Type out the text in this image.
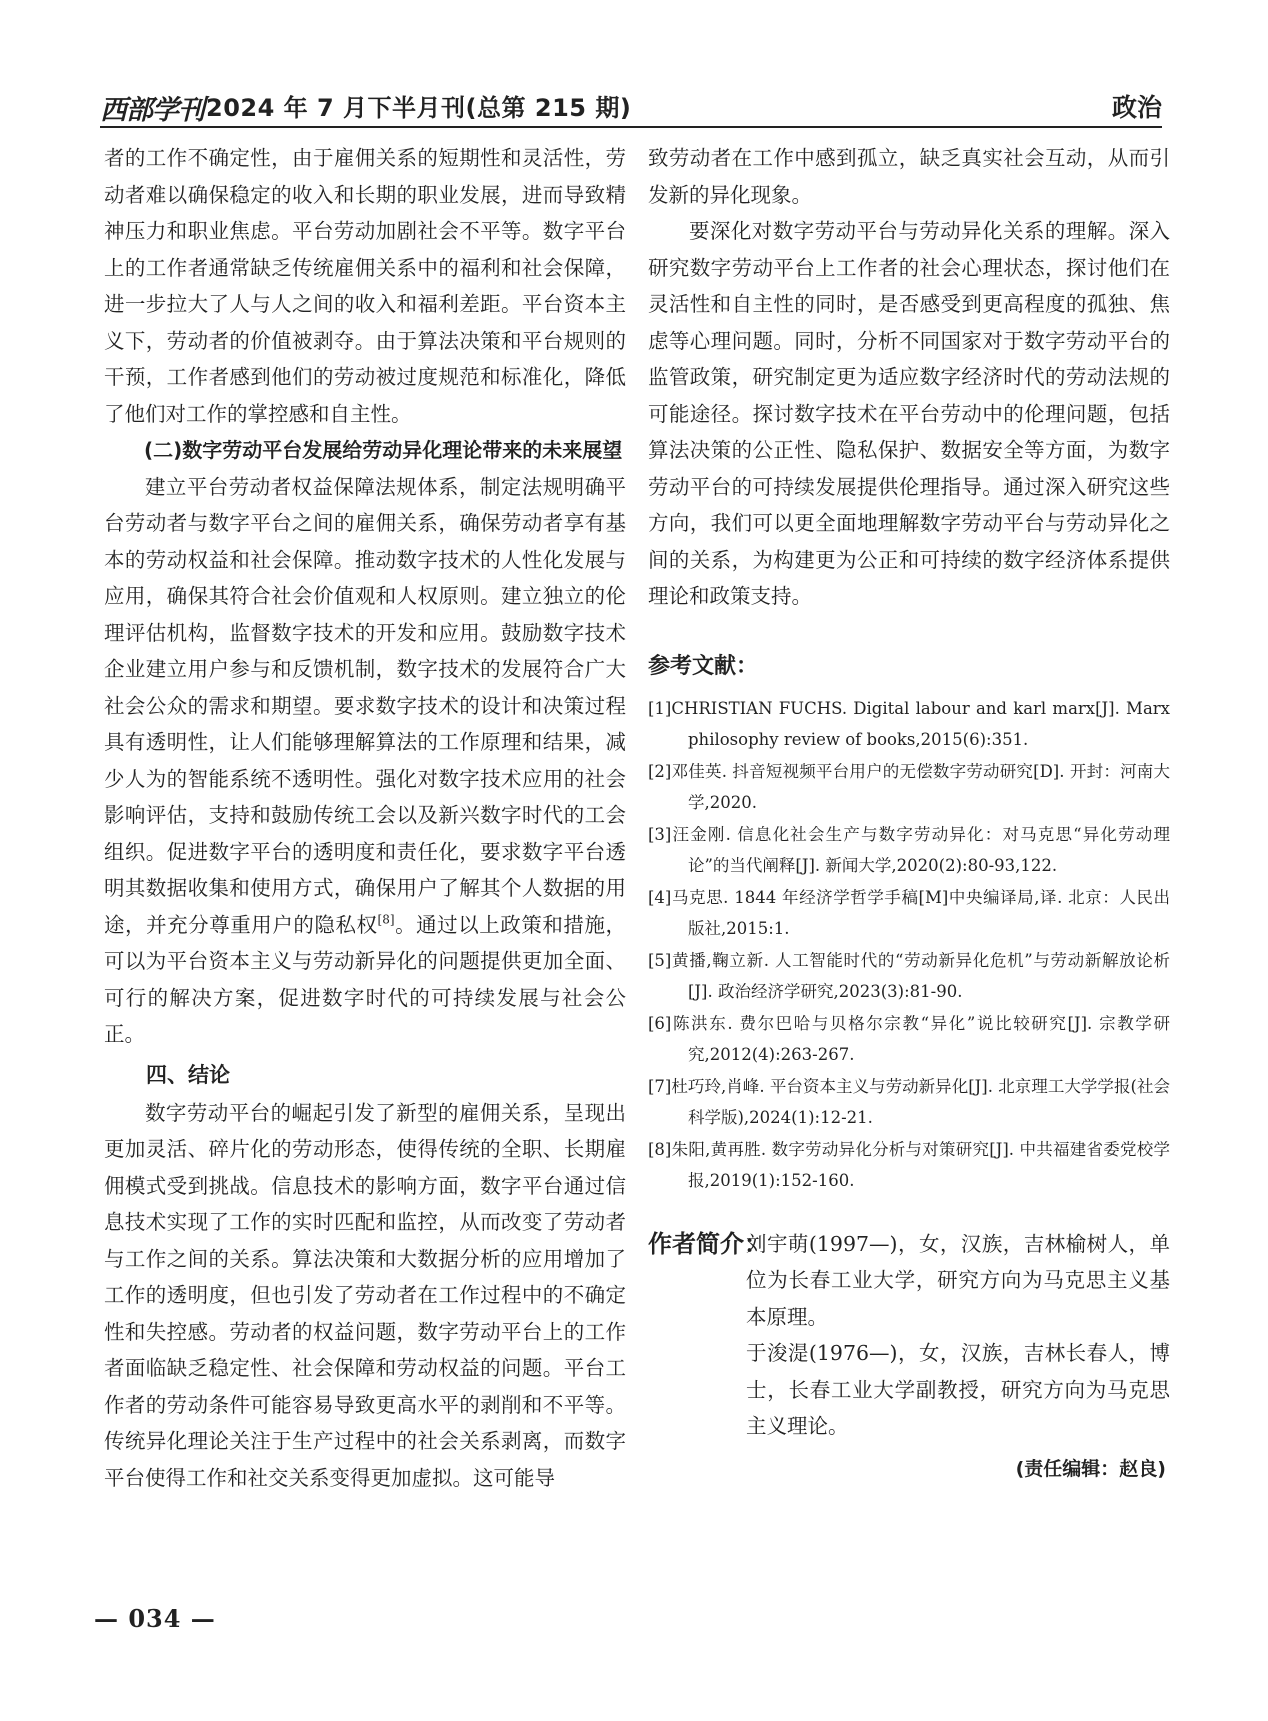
西部学刊 2024 年 7 月下半月刊(总第 215 期)	政治

者的工作不确定性，由于雇佣关系的短期性和灵活性，劳动者难以确保稳定的收入和长期的职业发展，进而导致精神压力和职业焦虑。平台劳动加剧社会不平等。数字平台上的工作者通常缺乏传统雇佣关系中的福利和社会保障，进一步拉大了人与人之间的收入和福利差距。平台资本主义下，劳动者的价值被剥夺。由于算法决策和平台规则的干预，工作者感到他们的劳动被过度规范和标准化，降低了他们对工作的掌控感和自主性。

(二)数字劳动平台发展给劳动异化理论带来的未来展望

建立平台劳动者权益保障法规体系，制定法规明确平台劳动者与数字平台之间的雇佣关系，确保劳动者享有基本的劳动权益和社会保障。推动数字技术的人性化发展与应用，确保其符合社会价值观和人权原则。建立独立的伦理评估机构，监督数字技术的开发和应用。鼓励数字技术企业建立用户参与和反馈机制，数字技术的发展符合广大社会公众的需求和期望。要求数字技术的设计和决策过程具有透明性，让人们能够理解算法的工作原理和结果，减少人为的智能系统不透明性。强化对数字技术应用的社会影响评估，支持和鼓励传统工会以及新兴数字时代的工会组织。促进数字平台的透明度和责任化，要求数字平台透明其数据收集和使用方式，确保用户了解其个人数据的用途，并充分尊重用户的隐私权[8]。通过以上政策和措施，可以为平台资本主义与劳动新异化的问题提供更加全面、可行的解决方案，促进数字时代的可持续发展与社会公正。

四、结论

数字劳动平台的崛起引发了新型的雇佣关系，呈现出更加灵活、碎片化的劳动形态，使得传统的全职、长期雇佣模式受到挑战。信息技术的影响方面，数字平台通过信息技术实现了工作的实时匹配和监控，从而改变了劳动者与工作之间的关系。算法决策和大数据分析的应用增加了工作的透明度，但也引发了劳动者在工作过程中的不确定性和失控感。劳动者的权益问题，数字劳动平台上的工作者面临缺乏稳定性、社会保障和劳动权益的问题。平台工作者的劳动条件可能容易导致更高水平的剥削和不平等。传统异化理论关注于生产过程中的社会关系剥离，而数字平台使得工作和社交关系变得更加虚拟。这可能导

致劳动者在工作中感到孤立，缺乏真实社会互动，从而引发新的异化现象。

要深化对数字劳动平台与劳动异化关系的理解。深入研究数字劳动平台上工作者的社会心理状态，探讨他们在灵活性和自主性的同时，是否感受到更高程度的孤独、焦虑等心理问题。同时，分析不同国家对于数字劳动平台的监管政策，研究制定更为适应数字经济时代的劳动法规的可能途径。探讨数字技术在平台劳动中的伦理问题，包括算法决策的公正性、隐私保护、数据安全等方面，为数字劳动平台的可持续发展提供伦理指导。通过深入研究这些方向，我们可以更全面地理解数字劳动平台与劳动异化之间的关系，为构建更为公正和可持续的数字经济体系提供理论和政策支持。

参考文献：

[1]CHRISTIAN FUCHS. Digital labour and karl marx[J]. Marx philosophy review of books,2015(6):351.

[2]邓佳英. 抖音短视频平台用户的无偿数字劳动研究[D]. 开封：河南大学,2020.

[3]汪金刚. 信息化社会生产与数字劳动异化：对马克思“异化劳动理论”的当代阐释[J]. 新闻大学,2020(2):80-93,122.

[4]马克思. 1844 年经济学哲学手稿[M]中央编译局,译. 北京：人民出版社,2015:1.

[5]黄播,鞠立新. 人工智能时代的“劳动新异化危机”与劳动新解放论析[J]. 政治经济学研究,2023(3):81-90.

[6]陈洪东. 费尔巴哈与贝格尔宗教“异化”说比较研究[J]. 宗教学研究,2012(4):263-267.

[7]杜巧玲,肖峰. 平台资本主义与劳动新异化[J]. 北京理工大学学报(社会科学版),2024(1):12-21.

[8]朱阳,黄再胜. 数字劳动异化分析与对策研究[J]. 中共福建省委党校学报,2019(1):152-160.

作者简介：

刘宇萌(1997—)，女，汉族，吉林榆树人，单位为长春工业大学，研究方向为马克思主义基本原理。

于浚湜(1976—)，女，汉族，吉林长春人，博士，长春工业大学副教授，研究方向为马克思主义理论。

(责任编辑：赵良)
— 034 —
